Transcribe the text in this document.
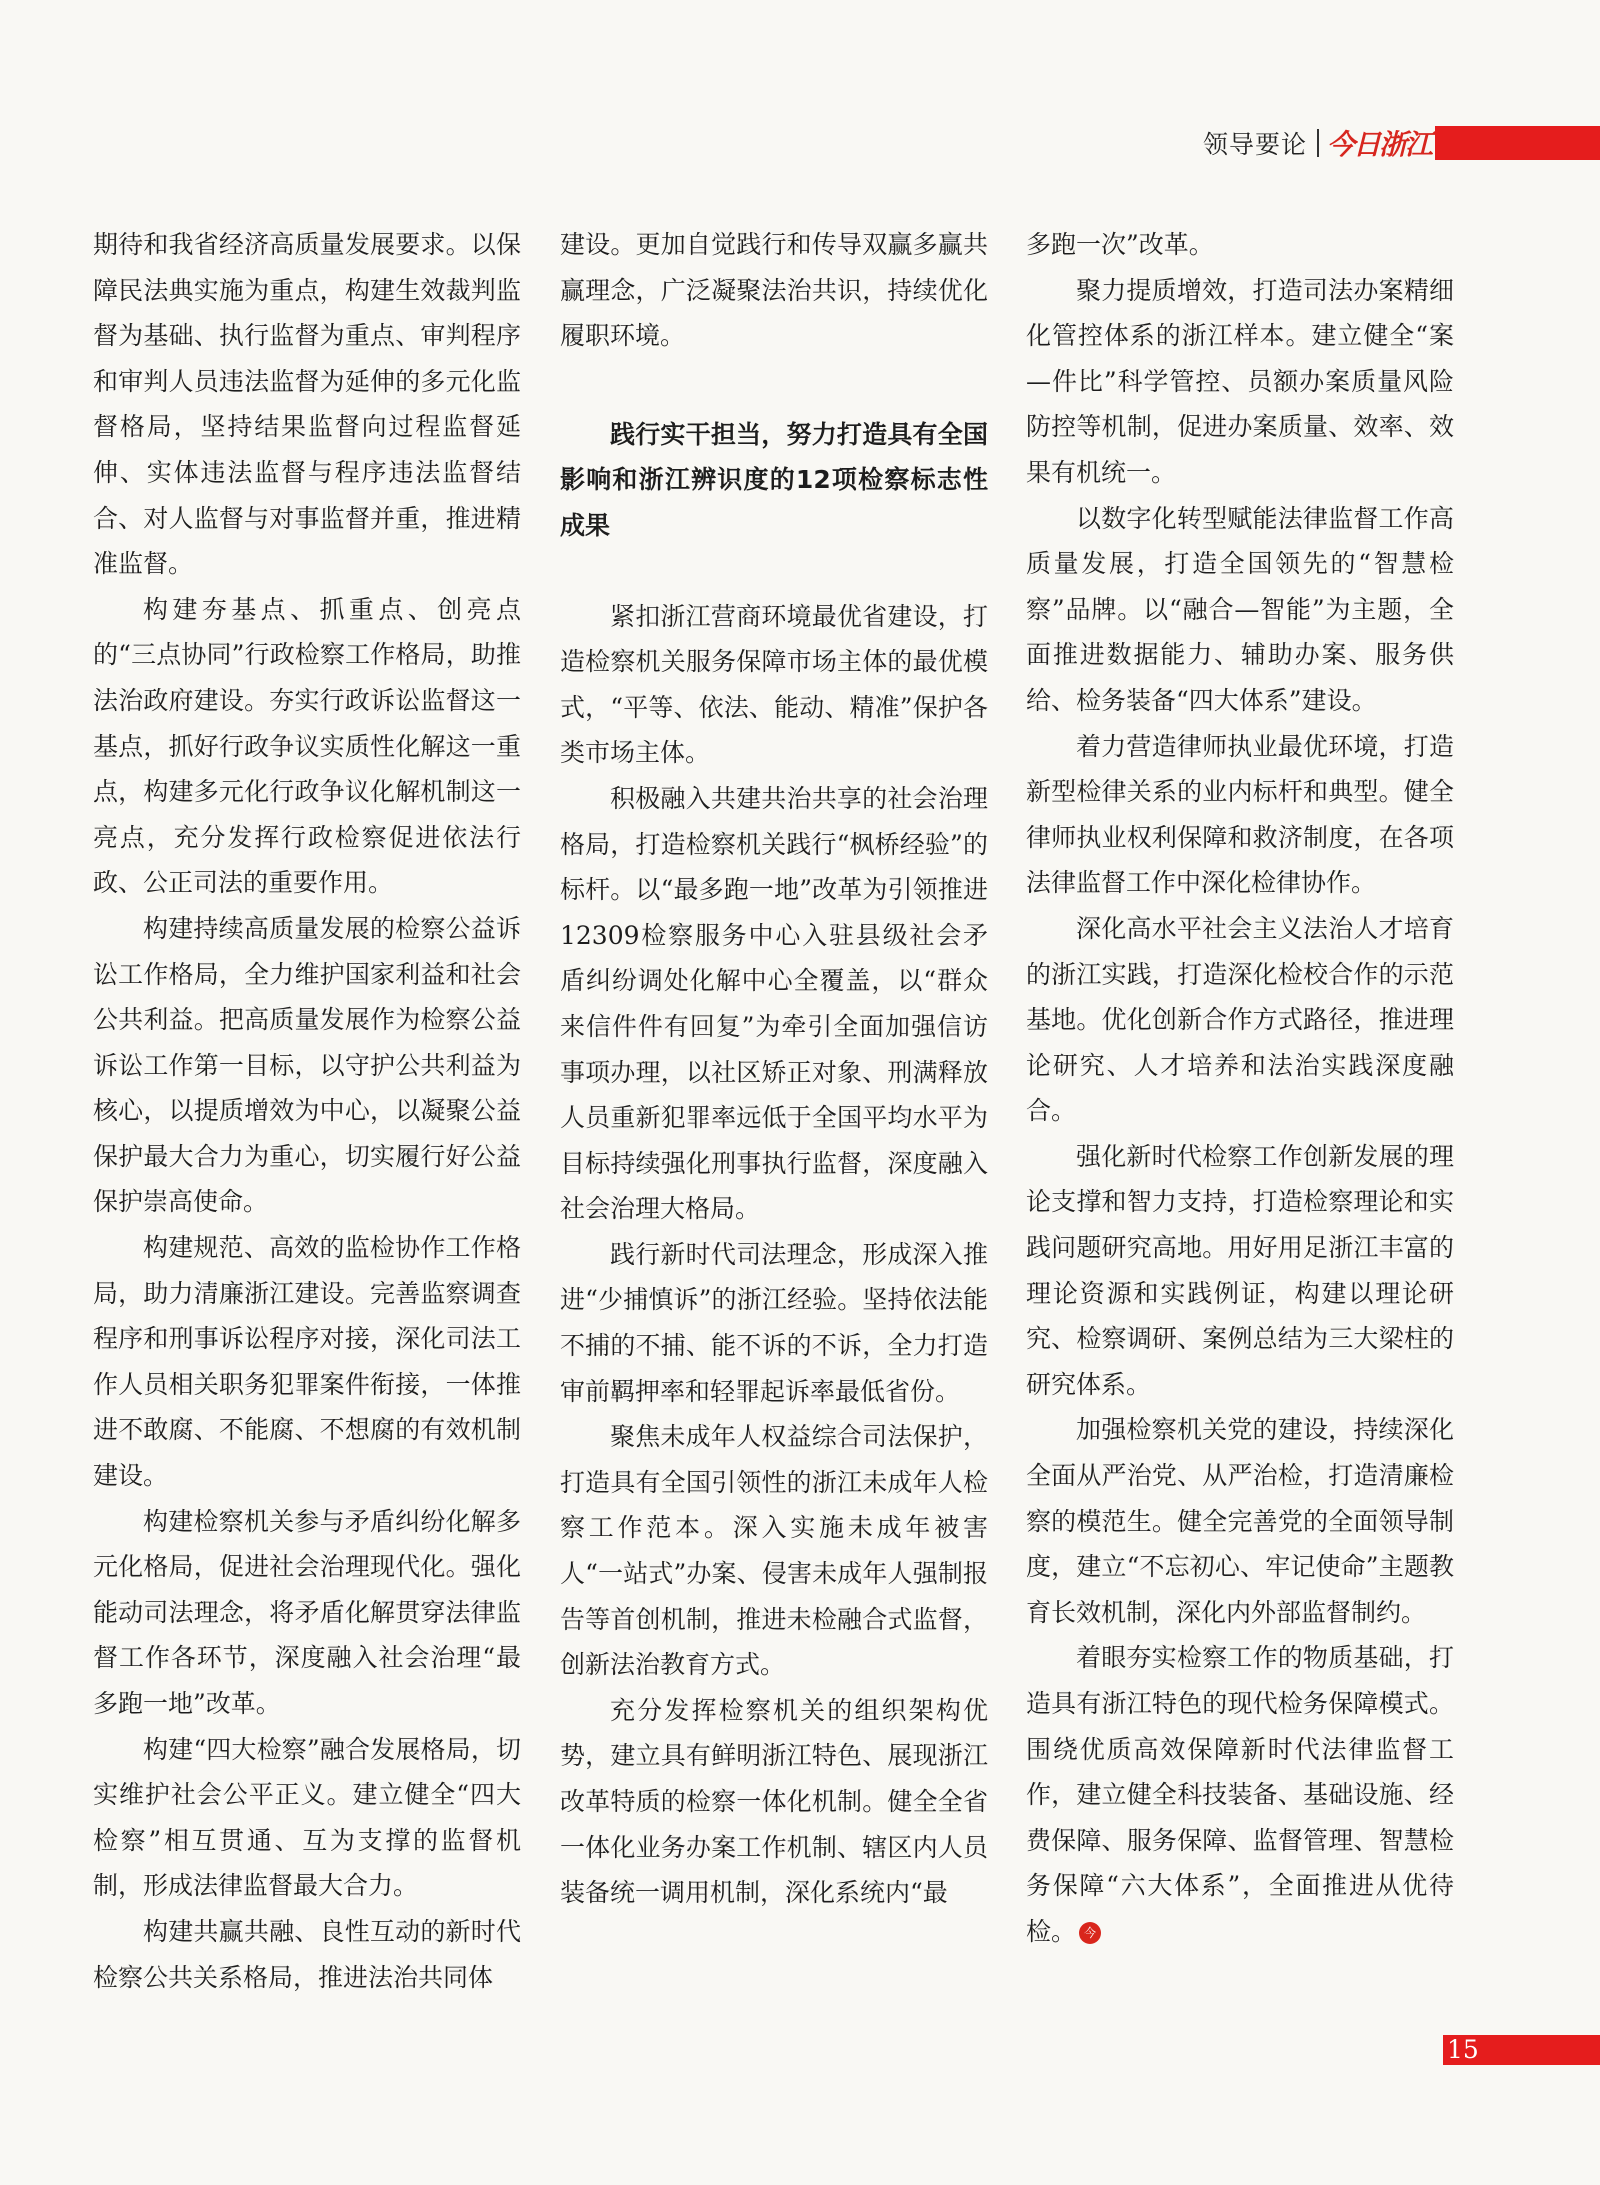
领导要论 今日浙江

期待和我省经济高质量发展要求。以保障民法典实施为重点，构建生效裁判监督为基础、执行监督为重点、审判程序和审判人员违法监督为延伸的多元化监督格局，坚持结果监督向过程监督延伸、实体违法监督与程序违法监督结合、对人监督与对事监督并重，推进精准监督。

构建夯基点、抓重点、创亮点的“三点协同”行政检察工作格局，助推法治政府建设。夯实行政诉讼监督这一基点，抓好行政争议实质性化解这一重点，构建多元化行政争议化解机制这一亮点，充分发挥行政检察促进依法行政、公正司法的重要作用。

构建持续高质量发展的检察公益诉讼工作格局，全力维护国家利益和社会公共利益。把高质量发展作为检察公益诉讼工作第一目标，以守护公共利益为核心，以提质增效为中心，以凝聚公益保护最大合力为重心，切实履行好公益保护崇高使命。

构建规范、高效的监检协作工作格局，助力清廉浙江建设。完善监察调查程序和刑事诉讼程序对接，深化司法工作人员相关职务犯罪案件衔接，一体推进不敢腐、不能腐、不想腐的有效机制建设。

构建检察机关参与矛盾纠纷化解多元化格局，促进社会治理现代化。强化能动司法理念，将矛盾化解贯穿法律监督工作各环节，深度融入社会治理“最多跑一地”改革。

构建“四大检察”融合发展格局，切实维护社会公平正义。建立健全“四大检察”相互贯通、互为支撑的监督机制，形成法律监督最大合力。

构建共赢共融、良性互动的新时代检察公共关系格局，推进法治共同体

建设。更加自觉践行和传导双赢多赢共赢理念，广泛凝聚法治共识，持续优化履职环境。

践行实干担当，努力打造具有全国影响和浙江辨识度的12项检察标志性成果

紧扣浙江营商环境最优省建设，打造检察机关服务保障市场主体的最优模式，“平等、依法、能动、精准”保护各类市场主体。

积极融入共建共治共享的社会治理格局，打造检察机关践行“枫桥经验”的标杆。以“最多跑一地”改革为引领推进12309检察服务中心入驻县级社会矛盾纠纷调处化解中心全覆盖，以“群众来信件件有回复”为牵引全面加强信访事项办理，以社区矫正对象、刑满释放人员重新犯罪率远低于全国平均水平为目标持续强化刑事执行监督，深度融入社会治理大格局。

践行新时代司法理念，形成深入推进“少捕慎诉”的浙江经验。坚持依法能不捕的不捕、能不诉的不诉，全力打造审前羁押率和轻罪起诉率最低省份。

聚焦未成年人权益综合司法保护，打造具有全国引领性的浙江未成年人检察工作范本。深入实施未成年被害人“一站式”办案、侵害未成年人强制报告等首创机制，推进未检融合式监督，创新法治教育方式。

充分发挥检察机关的组织架构优势，建立具有鲜明浙江特色、展现浙江改革特质的检察一体化机制。健全全省一体化业务办案工作机制、辖区内人员装备统一调用机制，深化系统内“最

多跑一次”改革。

聚力提质增效，打造司法办案精细化管控体系的浙江样本。建立健全“案—件比”科学管控、员额办案质量风险防控等机制，促进办案质量、效率、效果有机统一。

以数字化转型赋能法律监督工作高质量发展，打造全国领先的“智慧检察”品牌。以“融合—智能”为主题，全面推进数据能力、辅助办案、服务供给、检务装备“四大体系”建设。

着力营造律师执业最优环境，打造新型检律关系的业内标杆和典型。健全律师执业权利保障和救济制度，在各项法律监督工作中深化检律协作。

深化高水平社会主义法治人才培育的浙江实践，打造深化检校合作的示范基地。优化创新合作方式路径，推进理论研究、人才培养和法治实践深度融合。

强化新时代检察工作创新发展的理论支撑和智力支持，打造检察理论和实践问题研究高地。用好用足浙江丰富的理论资源和实践例证，构建以理论研究、检察调研、案例总结为三大梁柱的研究体系。

加强检察机关党的建设，持续深化全面从严治党、从严治检，打造清廉检察的模范生。健全完善党的全面领导制度，建立“不忘初心、牢记使命”主题教育长效机制，深化内外部监督制约。

着眼夯实检察工作的物质基础，打造具有浙江特色的现代检务保障模式。围绕优质高效保障新时代法律监督工作，建立健全科技装备、基础设施、经费保障、服务保障、监督管理、智慧检务保障“六大体系”，全面推进从优待检。 今

15
